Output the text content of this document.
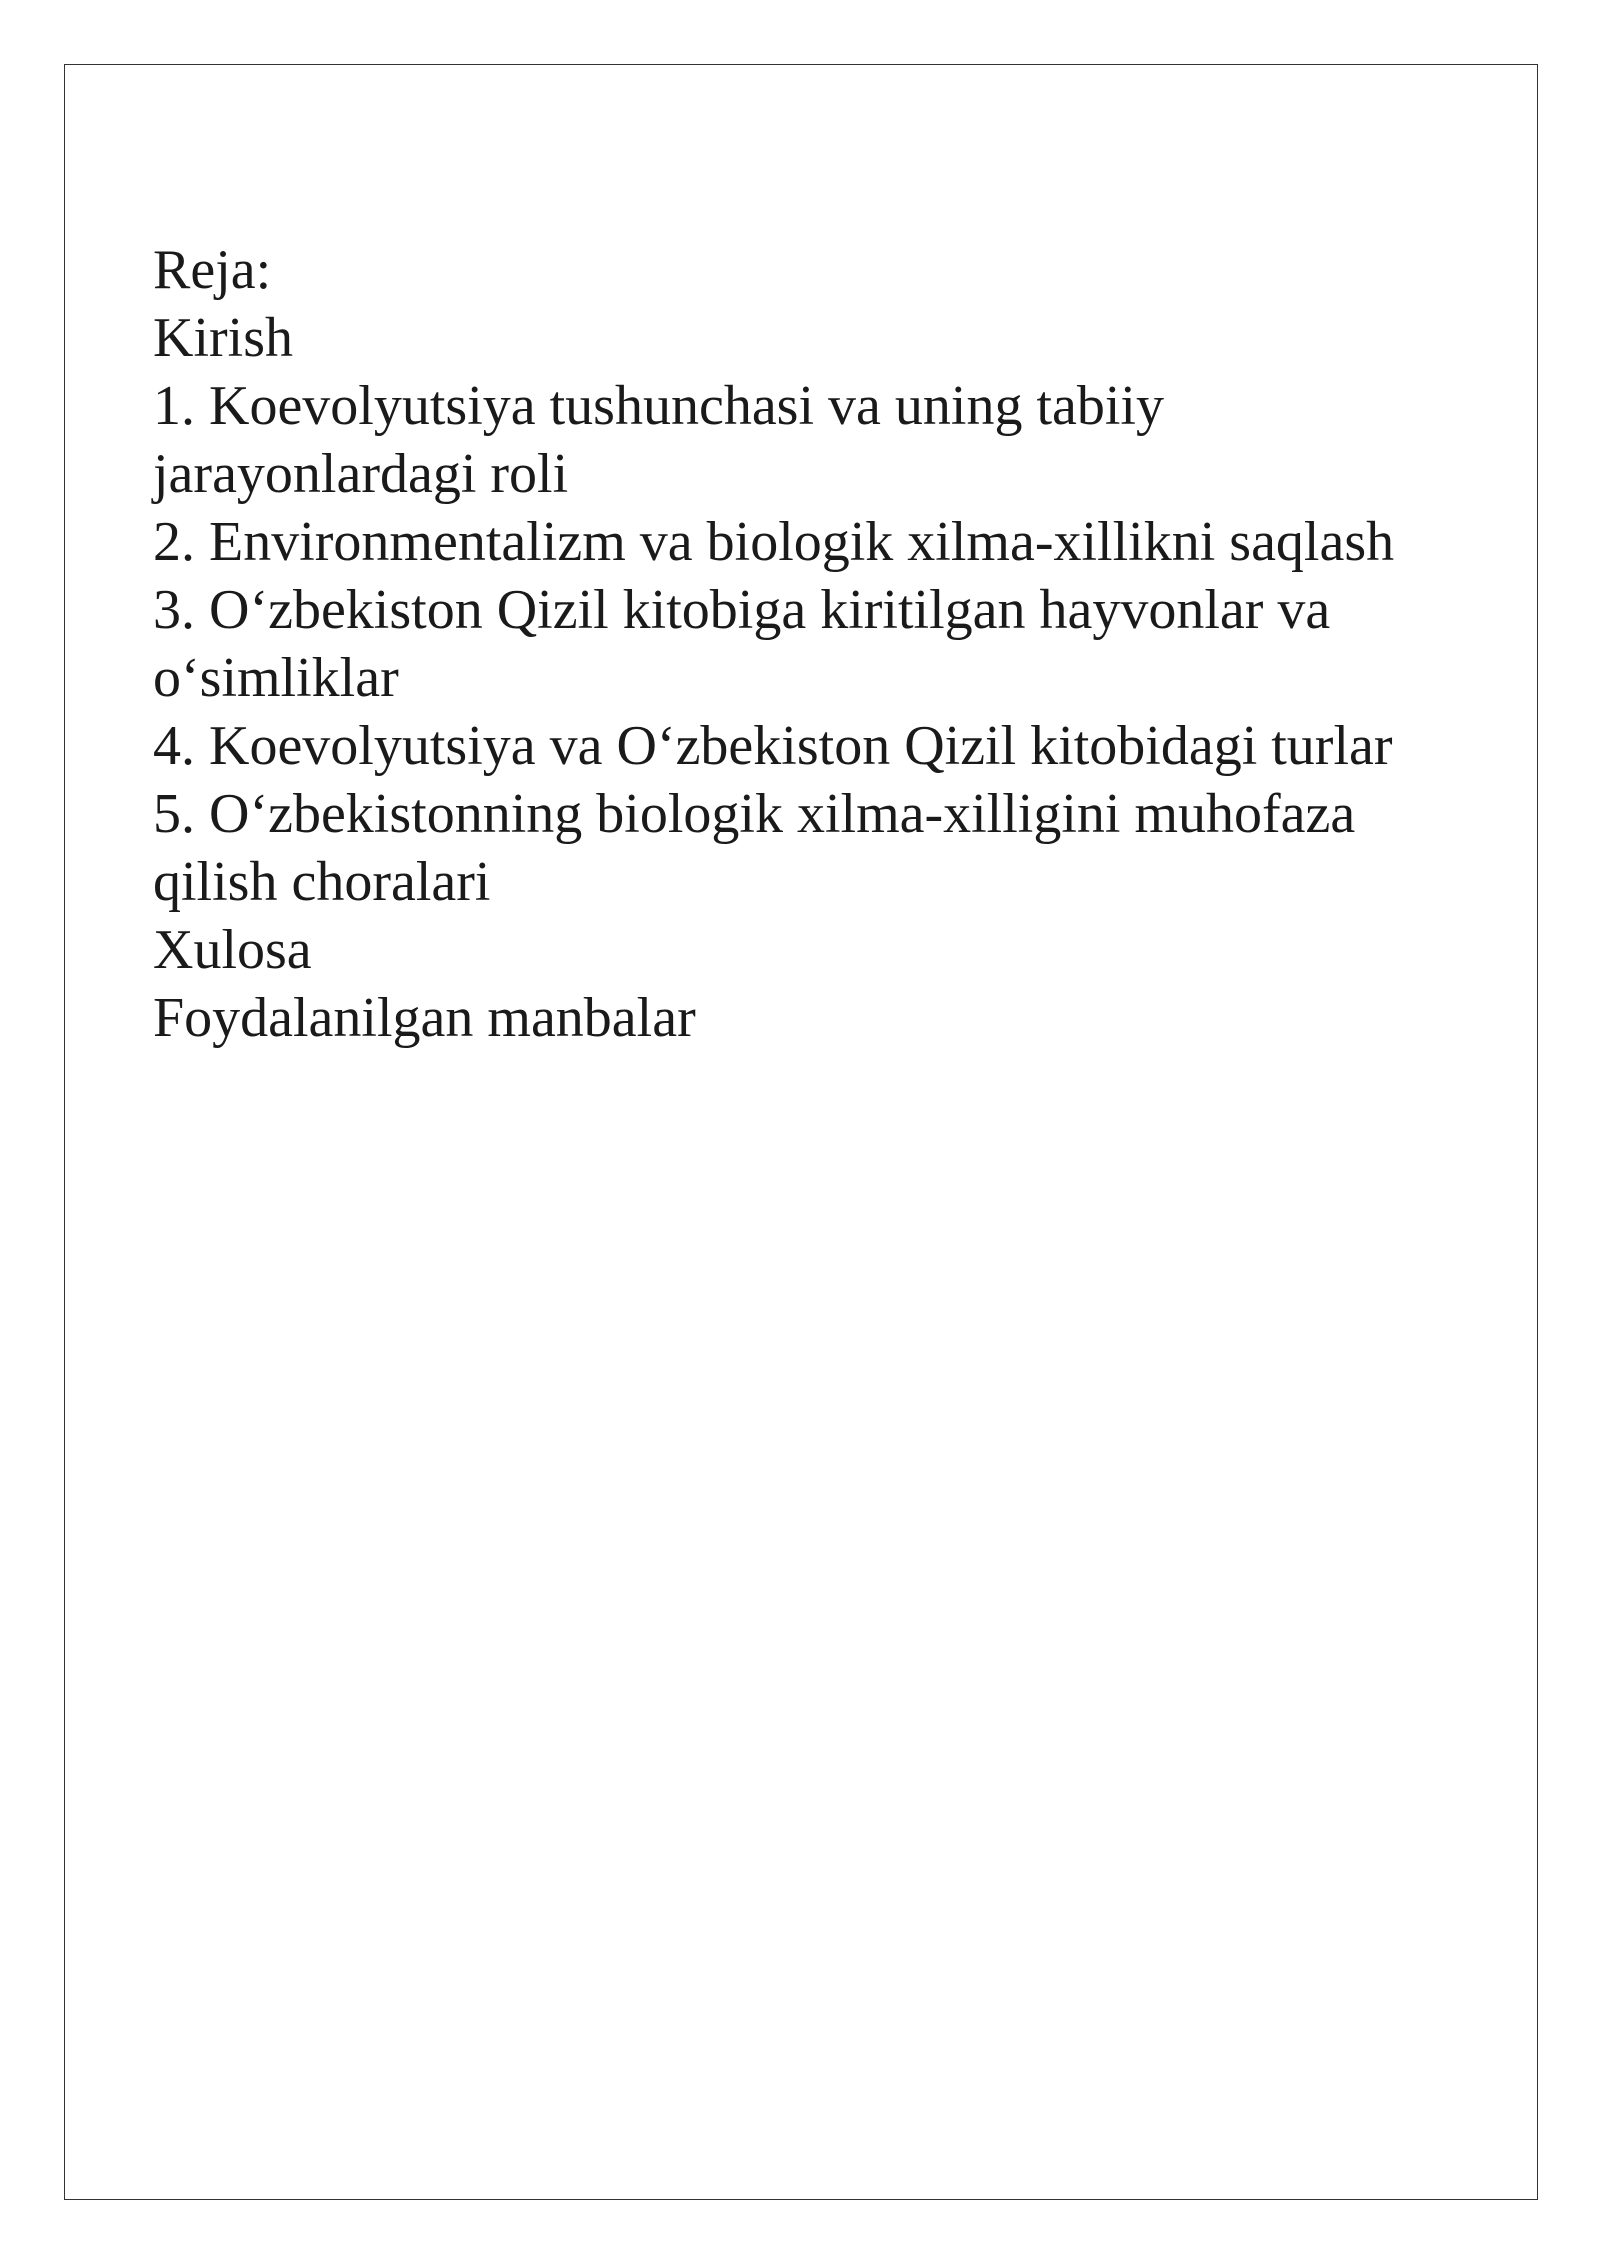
Reja:

Kirish

1. Koevolyutsiya tushunchasi va uning tabiiy

jarayonlardagi roli

2. Environmentalizm va biologik xilma-xillikni saqlash

3. O‘zbekiston Qizil kitobiga kiritilgan hayvonlar va

o‘simliklar

4. Koevolyutsiya va O‘zbekiston Qizil kitobidagi turlar

5. O‘zbekistonning biologik xilma-xilligini muhofaza

qilish choralari

Xulosa

Foydalanilgan manbalar
